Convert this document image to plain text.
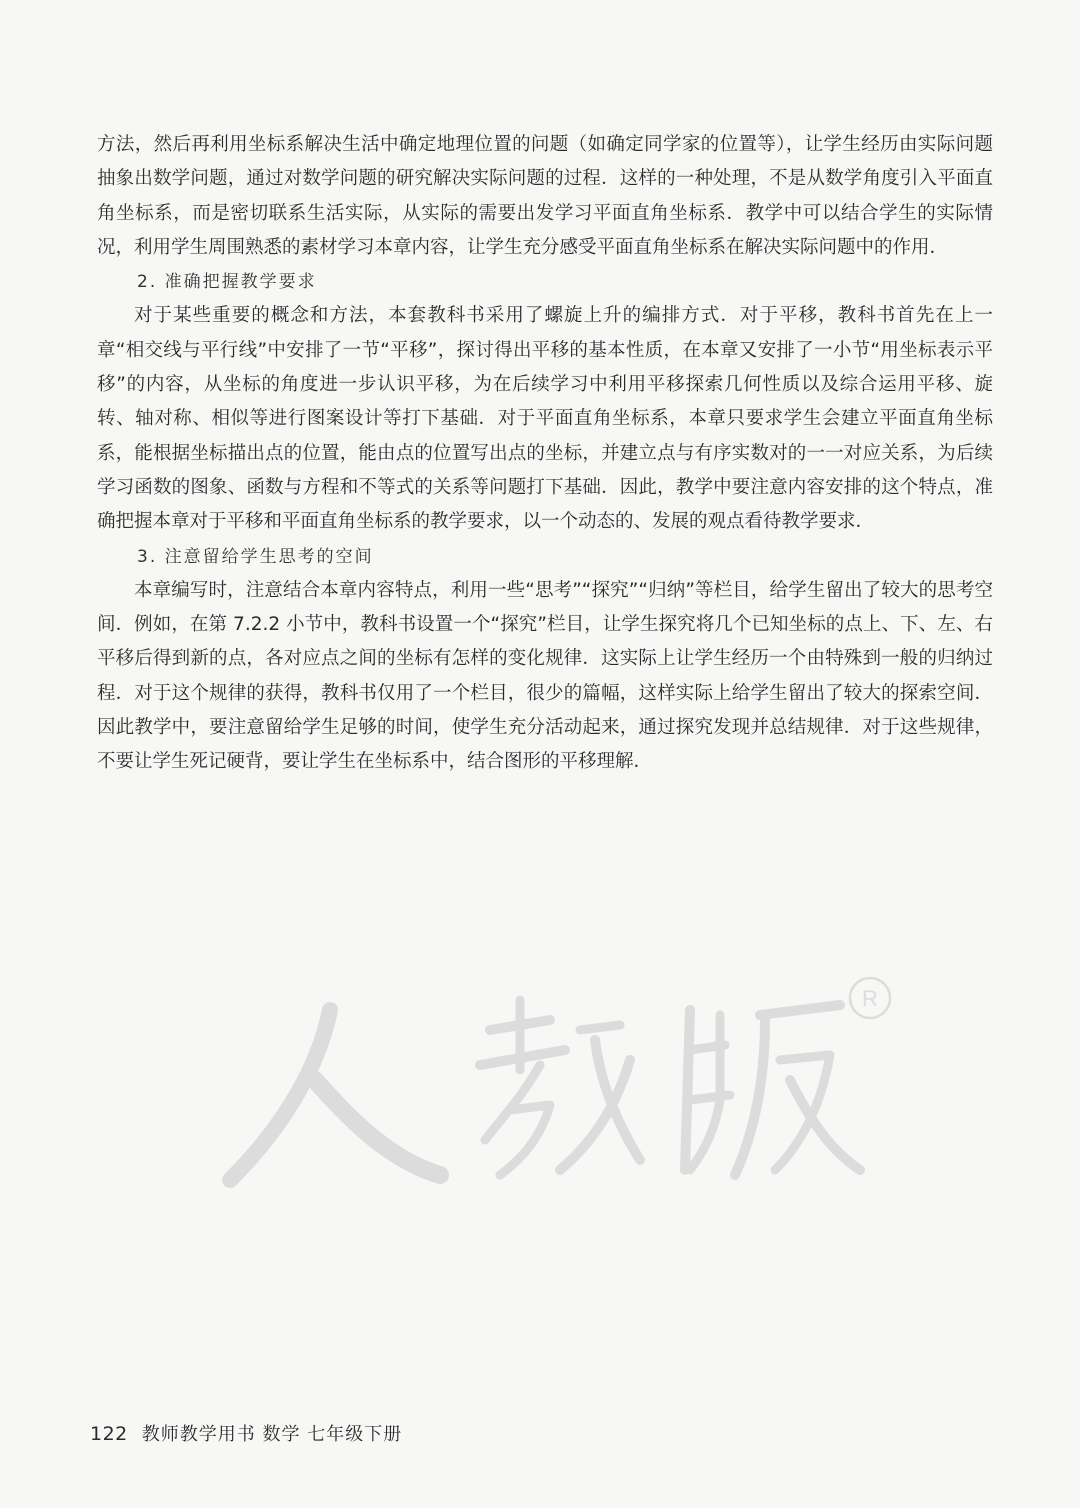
方法，然后再利用坐标系解决生活中确定地理位置的问题（如确定同学家的位置等），让学生经历由实际问题抽象出数学问题，通过对数学问题的研究解决实际问题的过程．这样的一种处理，不是从数学角度引入平面直角坐标系，而是密切联系生活实际，从实际的需要出发学习平面直角坐标系．教学中可以结合学生的实际情况，利用学生周围熟悉的素材学习本章内容，让学生充分感受平面直角坐标系在解决实际问题中的作用．

2. 准确把握教学要求

对于某些重要的概念和方法，本套教科书采用了螺旋上升的编排方式．对于平移，教科书首先在上一章“相交线与平行线”中安排了一节“平移”，探讨得出平移的基本性质，在本章又安排了一小节“用坐标表示平移”的内容，从坐标的角度进一步认识平移，为在后续学习中利用平移探索几何性质以及综合运用平移、旋转、轴对称、相似等进行图案设计等打下基础．对于平面直角坐标系，本章只要求学生会建立平面直角坐标系，能根据坐标描出点的位置，能由点的位置写出点的坐标，并建立点与有序实数对的一一对应关系，为后续学习函数的图象、函数与方程和不等式的关系等问题打下基础．因此，教学中要注意内容安排的这个特点，准确把握本章对于平移和平面直角坐标系的教学要求，以一个动态的、发展的观点看待教学要求．

3. 注意留给学生思考的空间

本章编写时，注意结合本章内容特点，利用一些“思考”“探究”“归纳”等栏目，给学生留出了较大的思考空间．例如，在第 7.2.2 小节中，教科书设置一个“探究”栏目，让学生探究将几个已知坐标的点上、下、左、右平移后得到新的点，各对应点之间的坐标有怎样的变化规律．这实际上让学生经历一个由特殊到一般的归纳过程．对于这个规律的获得，教科书仅用了一个栏目，很少的篇幅，这样实际上给学生留出了较大的探索空间．因此教学中，要注意留给学生足够的时间，使学生充分活动起来，通过探究发现并总结规律．对于这些规律，不要让学生死记硬背，要让学生在坐标系中，结合图形的平移理解．

R
122 教师教学用书 数学 七年级下册
